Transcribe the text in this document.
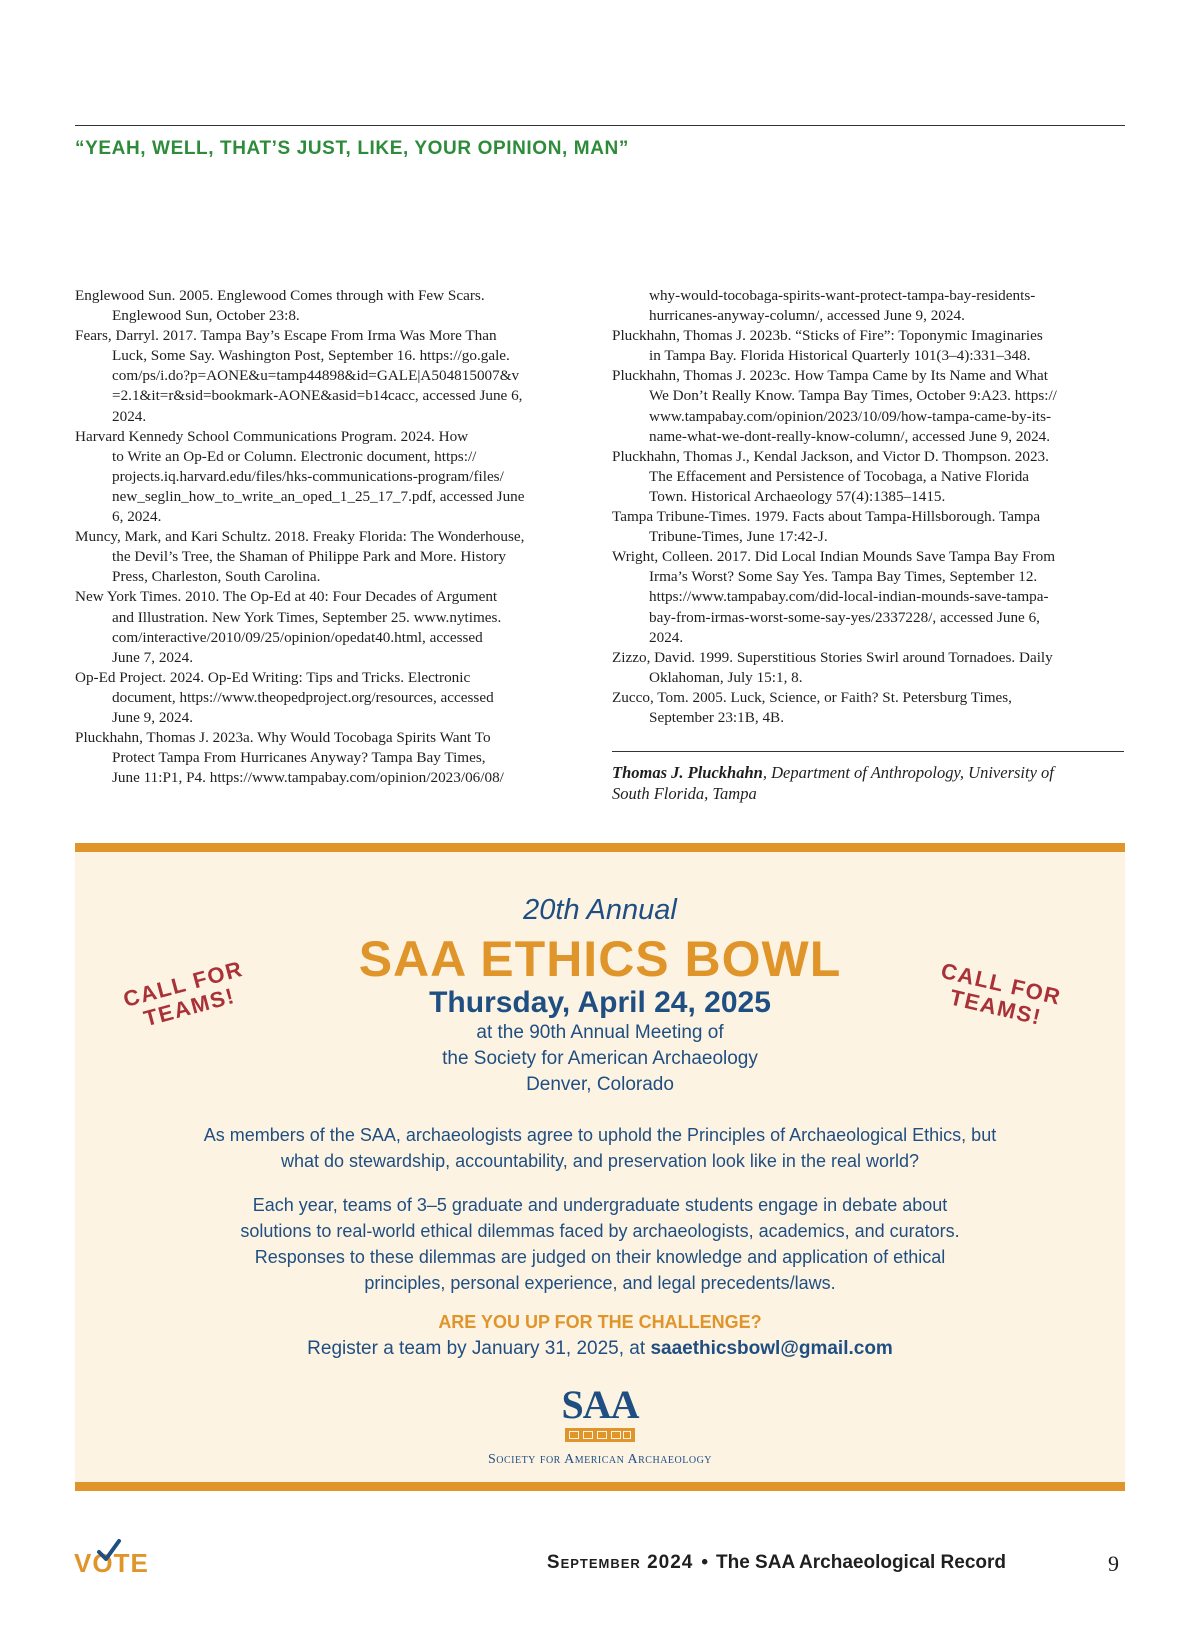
“YEAH, WELL, THAT’S JUST, LIKE, YOUR OPINION, MAN”

Englewood Sun. 2005. Englewood Comes through with Few Scars.

Englewood Sun, October 23:8.

Fears, Darryl. 2017. Tampa Bay’s Escape From Irma Was More Than

Luck, Some Say. Washington Post, September 16. https://go.gale.

com/ps/i.do?p=AONE&u=tamp44898&id=GALE|A504815007&v

=2.1&it=r&sid=bookmark-AONE&asid=b14cacc, accessed June 6,

2024.

Harvard Kennedy School Communications Program. 2024. How

to Write an Op-Ed or Column. Electronic document, https://

projects.iq.harvard.edu/files/hks-communications-program/files/

new_seglin_how_to_write_an_oped_1_25_17_7.pdf, accessed June

6, 2024.

Muncy, Mark, and Kari Schultz. 2018. Freaky Florida: The Wonderhouse,

the Devil’s Tree, the Shaman of Philippe Park and More. History

Press, Charleston, South Carolina.

New York Times. 2010. The Op-Ed at 40: Four Decades of Argument

and Illustration. New York Times, September 25. www.nytimes.

com/interactive/2010/09/25/opinion/opedat40.html, accessed

June 7, 2024.

Op-Ed Project. 2024. Op-Ed Writing: Tips and Tricks. Electronic

document, https://www.theopedproject.org/resources, accessed

June 9, 2024.

Pluckhahn, Thomas J. 2023a. Why Would Tocobaga Spirits Want To

Protect Tampa From Hurricanes Anyway? Tampa Bay Times,

June 11:P1, P4. https://www.tampabay.com/opinion/2023/06/08/

why-would-tocobaga-spirits-want-protect-tampa-bay-residents-

hurricanes-anyway-column/, accessed June 9, 2024.

Pluckhahn, Thomas J. 2023b. “Sticks of Fire”: Toponymic Imaginaries

in Tampa Bay. Florida Historical Quarterly 101(3–4):331–348.

Pluckhahn, Thomas J. 2023c. How Tampa Came by Its Name and What

We Don’t Really Know. Tampa Bay Times, October 9:A23. https://

www.tampabay.com/opinion/2023/10/09/how-tampa-came-by-its-

name-what-we-dont-really-know-column/, accessed June 9, 2024.

Pluckhahn, Thomas J., Kendal Jackson, and Victor D. Thompson. 2023.

The Effacement and Persistence of Tocobaga, a Native Florida

Town. Historical Archaeology 57(4):1385–1415.

Tampa Tribune-Times. 1979. Facts about Tampa-Hillsborough. Tampa

Tribune-Times, June 17:42-J.

Wright, Colleen. 2017. Did Local Indian Mounds Save Tampa Bay From

Irma’s Worst? Some Say Yes. Tampa Bay Times, September 12.

https://www.tampabay.com/did-local-indian-mounds-save-tampa-

bay-from-irmas-worst-some-say-yes/2337228/, accessed June 6,

2024.

Zizzo, David. 1999. Superstitious Stories Swirl around Tornadoes. Daily

Oklahoman, July 15:1, 8.

Zucco, Tom. 2005. Luck, Science, or Faith? St. Petersburg Times,

September 23:1B, 4B.

Thomas J. Pluckhahn, Department of Anthropology, University of
South Florida, Tampa
CALL FOR
TEAMS!	CALL FOR
TEAMS!
20th Annual
SAA ETHICS BOWL
Thursday, April 24, 2025
at the 90th Annual Meeting of
the Society for American Archaeology
Denver, Colorado
As members of the SAA, archaeologists agree to uphold the Principles of Archaeological Ethics, but what do stewardship, accountability, and preservation look like in the real world?
Each year, teams of 3–5 graduate and undergraduate students engage in debate about solutions to real-world ethical dilemmas faced by archaeologists, academics, and curators. Responses to these dilemmas are judged on their knowledge and application of ethical principles, personal experience, and legal precedents/laws.
ARE YOU UP FOR THE CHALLENGE?
Register a team by January 31, 2025, at saaethicsbowl@gmail.com
SAA
Society for American Archaeology
VO
TE	September 2024 • The SAA Archaeological Record	9
